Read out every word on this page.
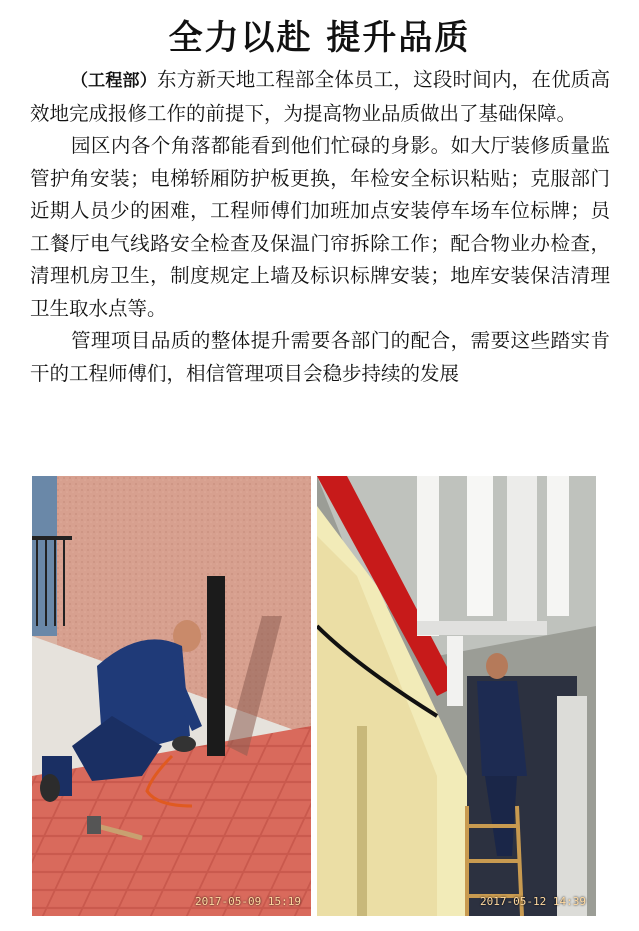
全力以赴 提升品质

（工程部）东方新天地工程部全体员工，这段时间内，在优质高效地完成报修工作的前提下，为提高物业品质做出了基础保障。

园区内各个角落都能看到他们忙碌的身影。如大厅装修质量监管护角安装；电梯轿厢防护板更换，年检安全标识粘贴；克服部门近期人员少的困难，工程师傅们加班加点安装停车场车位标牌；员工餐厅电气线路安全检查及保温门帘拆除工作；配合物业办检查，清理机房卫生，制度规定上墙及标识标牌安装；地库安装保洁清理卫生取水点等。

管理项目品质的整体提升需要各部门的配合，需要这些踏实肯干的工程师傅们，相信管理项目会稳步持续的发展

2017-05-09 15:19	2017-05-12 14:39
